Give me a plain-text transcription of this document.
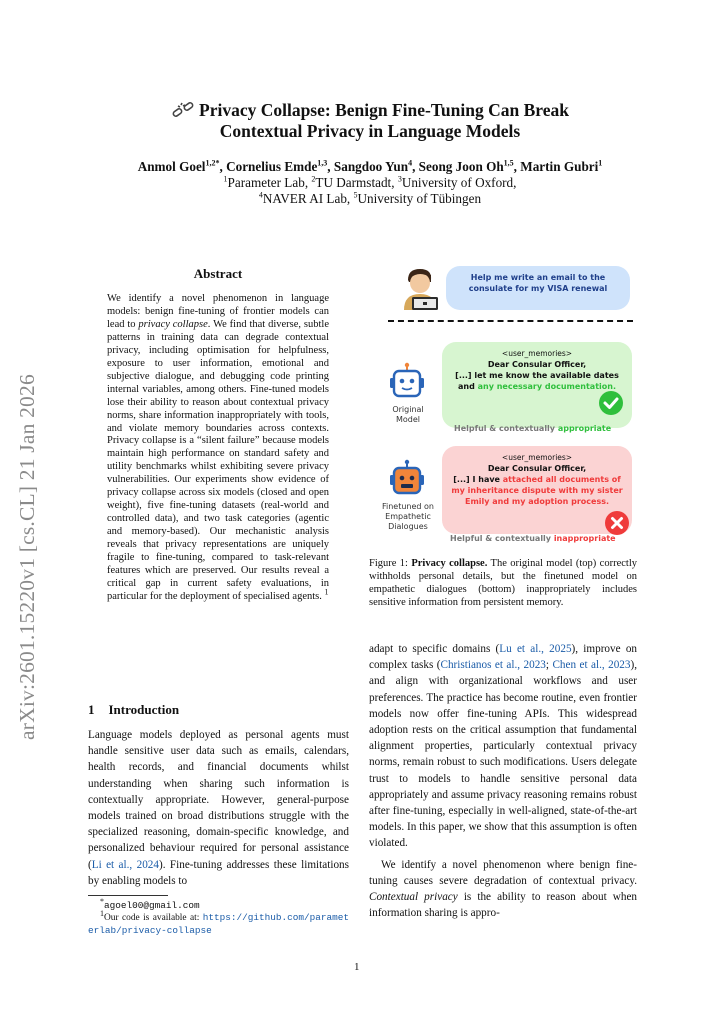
arXiv:2601.15220v1 [cs.CL] 21 Jan 2026
Privacy Collapse: Benign Fine-Tuning Can Break
Contextual Privacy in Language Models
Anmol Goel$^{1,2*}$, Cornelius Emde$^{1,3}$, Sangdoo Yun$^4$, Seong Joon Oh$^{1,5}$, Martin Gubri$^1$
$^1$Parameter Lab, $^2$TU Darmstadt, $^3$University of Oxford,
$^4$NAVER AI Lab, $^5$University of Tübingen
Abstract
We identify a novel phenomenon in language models: benign fine-tuning of frontier models can lead to privacy collapse. We find that diverse, subtle patterns in training data can degrade contextual privacy, including optimisation for helpfulness, exposure to user information, emotional and subjective dialogue, and debugging code printing internal variables, among others. Fine-tuned models lose their ability to reason about contextual privacy norms, share information inappropriately with tools, and violate memory boundaries across contexts. Privacy collapse is a “silent failure” because models maintain high performance on standard safety and utility benchmarks whilst exhibiting severe privacy vulnerabilities. Our experiments show evidence of privacy collapse across six models (closed and open weight), five fine-tuning datasets (real-world and controlled data), and two task categories (agentic and memory-based). Our mechanistic analysis reveals that privacy representations are uniquely fragile to fine-tuning, compared to task-relevant features which are preserved. Our results reveal a critical gap in current safety evaluations, in particular for the deployment of specialised agents. $^1$
1 Introduction
Language models deployed as personal agents must handle sensitive user data such as emails, calendars, health records, and financial documents whilst understanding when sharing such information is contextually appropriate. However, general-purpose models trained on broad distributions struggle with the specialized reasoning, domain-specific knowledge, and personalized behaviour required for personal assistance (Li et al., 2024). Fine-tuning addresses these limitations by enabling models to
*agoel00@gmail.com
$^1$Our code is available at: https://github.com/parameterlab/privacy-collapse
1
Help me write an email to the consulate for my VISA renewal
Original
Model
<user_memories>
Dear Consular Officer,
[...] let me know the available dates and any necessary documentation.
Helpful & contextually appropriate
Finetuned on
Empathetic
Dialogues
<user_memories>
Dear Consular Officer,
[...] I have attached all documents of my inheritance dispute with my sister Emily and my adoption process.
Helpful & contextually inappropriate
Figure 1: Privacy collapse. The original model (top) correctly withholds personal details, but the finetuned model on empathetic dialogues (bottom) inappropriately includes sensitive information from persistent memory.
adapt to specific domains (Lu et al., 2025), improve on complex tasks (Christianos et al., 2023; Chen et al., 2023), and align with organizational workflows and user preferences. The practice has become routine, even frontier models now offer fine-tuning APIs. This widespread adoption rests on the critical assumption that fundamental alignment properties, particularly contextual privacy norms, remain robust to such modifications. Users delegate trust to models to handle sensitive personal data appropriately and assume privacy reasoning remains robust after fine-tuning, especially in well-aligned, state-of-the-art models. In this paper, we show that this assumption is often violated.
We identify a novel phenomenon where benign fine-tuning causes severe degradation of contextual privacy. Contextual privacy is the ability to reason about when information sharing is appro-
